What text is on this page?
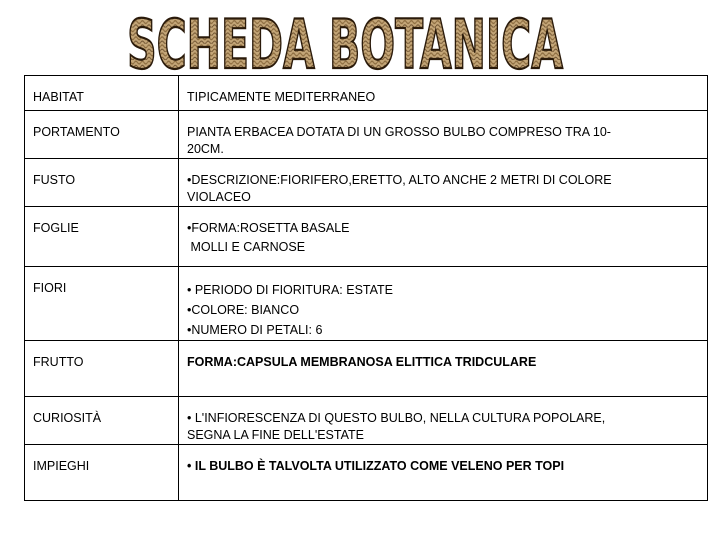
SCHEDA BOTANICA
HABITAT	TIPICAMENTE MEDITERRANEO

PORTAMENTO	PIANTA ERBACEA DOTATA DI UN GROSSO BULBO COMPRESO TRA 10-
20CM.

FUSTO	•DESCRIZIONE:FIORIFERO,ERETTO, ALTO ANCHE 2 METRI DI COLORE
VIOLACEO

FOGLIE	•FORMA:ROSETTA BASALE
MOLLI E CARNOSE

FIORI	• PERIODO DI FIORITURA: ESTATE
•COLORE: BIANCO
•NUMERO DI PETALI: 6

FRUTTO	FORMA:CAPSULA MEMBRANOSA ELITTICA TRIDCULARE

CURIOSITÀ	• L'INFIORESCENZA DI QUESTO BULBO, NELLA CULTURA POPOLARE,
SEGNA LA FINE DELL'ESTATE

IMPIEGHI	• IL BULBO È TALVOLTA UTILIZZATO COME VELENO PER TOPI
